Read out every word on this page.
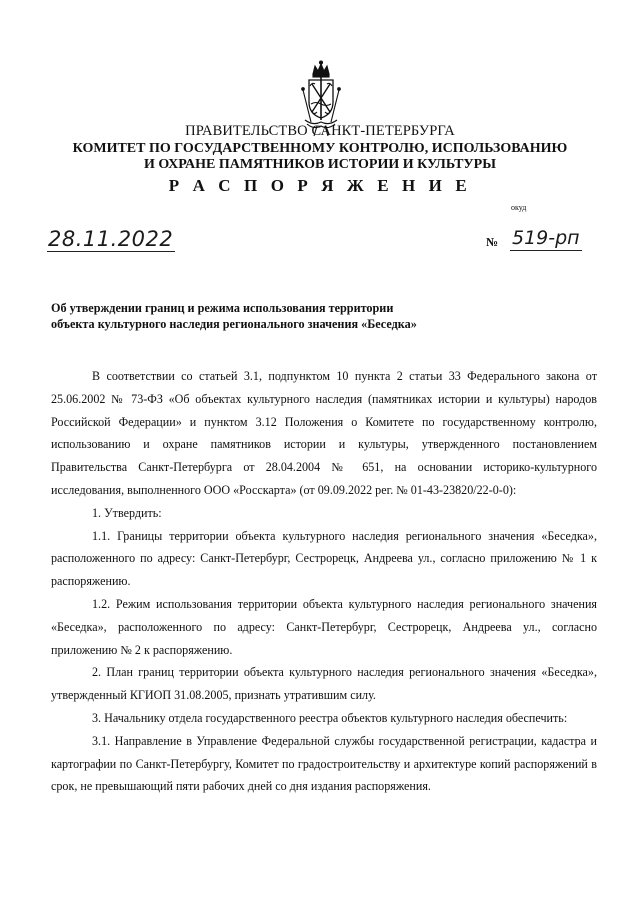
ПРАВИТЕЛЬСТВО САНКТ-ПЕТЕРБУРГА
КОМИТЕТ ПО ГОСУДАРСТВЕННОМУ КОНТРОЛЮ, ИСПОЛЬЗОВАНИЮ
И ОХРАНЕ ПАМЯТНИКОВ ИСТОРИИ И КУЛЬТУРЫ
Р А С П О Р Я Ж Е Н И Е
окуд
28.11.2022	№ 519-рп
Об утверждении границ и режима использования территории
объекта культурного наследия регионального значения «Беседка»

В соответствии со статьей 3.1, подпунктом 10 пункта 2 статьи 33 Федерального закона от 25.06.2002 № 73-ФЗ «Об объектах культурного наследия (памятниках истории и культуры) народов Российской Федерации» и пунктом 3.12 Положения о Комитете по государственному контролю, использованию и охране памятников истории и культуры, утвержденного постановлением Правительства Санкт-Петербурга от 28.04.2004 № 651, на основании историко-культурного исследования, выполненного ООО «Росскарта» (от 09.09.2022 рег. № 01-43-23820/22-0-0):

1. Утвердить:

1.1. Границы территории объекта культурного наследия регионального значения «Беседка», расположенного по адресу: Санкт-Петербург, Сестрорецк, Андреева ул., согласно приложению № 1 к распоряжению.

1.2. Режим использования территории объекта культурного наследия регионального значения «Беседка», расположенного по адресу: Санкт-Петербург, Сестрорецк, Андреева ул., согласно приложению № 2 к распоряжению.

2. План границ территории объекта культурного наследия регионального значения «Беседка», утвержденный КГИОП 31.08.2005, признать утратившим силу.

3. Начальнику отдела государственного реестра объектов культурного наследия обеспечить:

3.1. Направление в Управление Федеральной службы государственной регистрации, кадастра и картографии по Санкт-Петербургу, Комитет по градостроительству и архитектуре копий распоряжений в срок, не превышающий пяти рабочих дней со дня издания распоряжения.
